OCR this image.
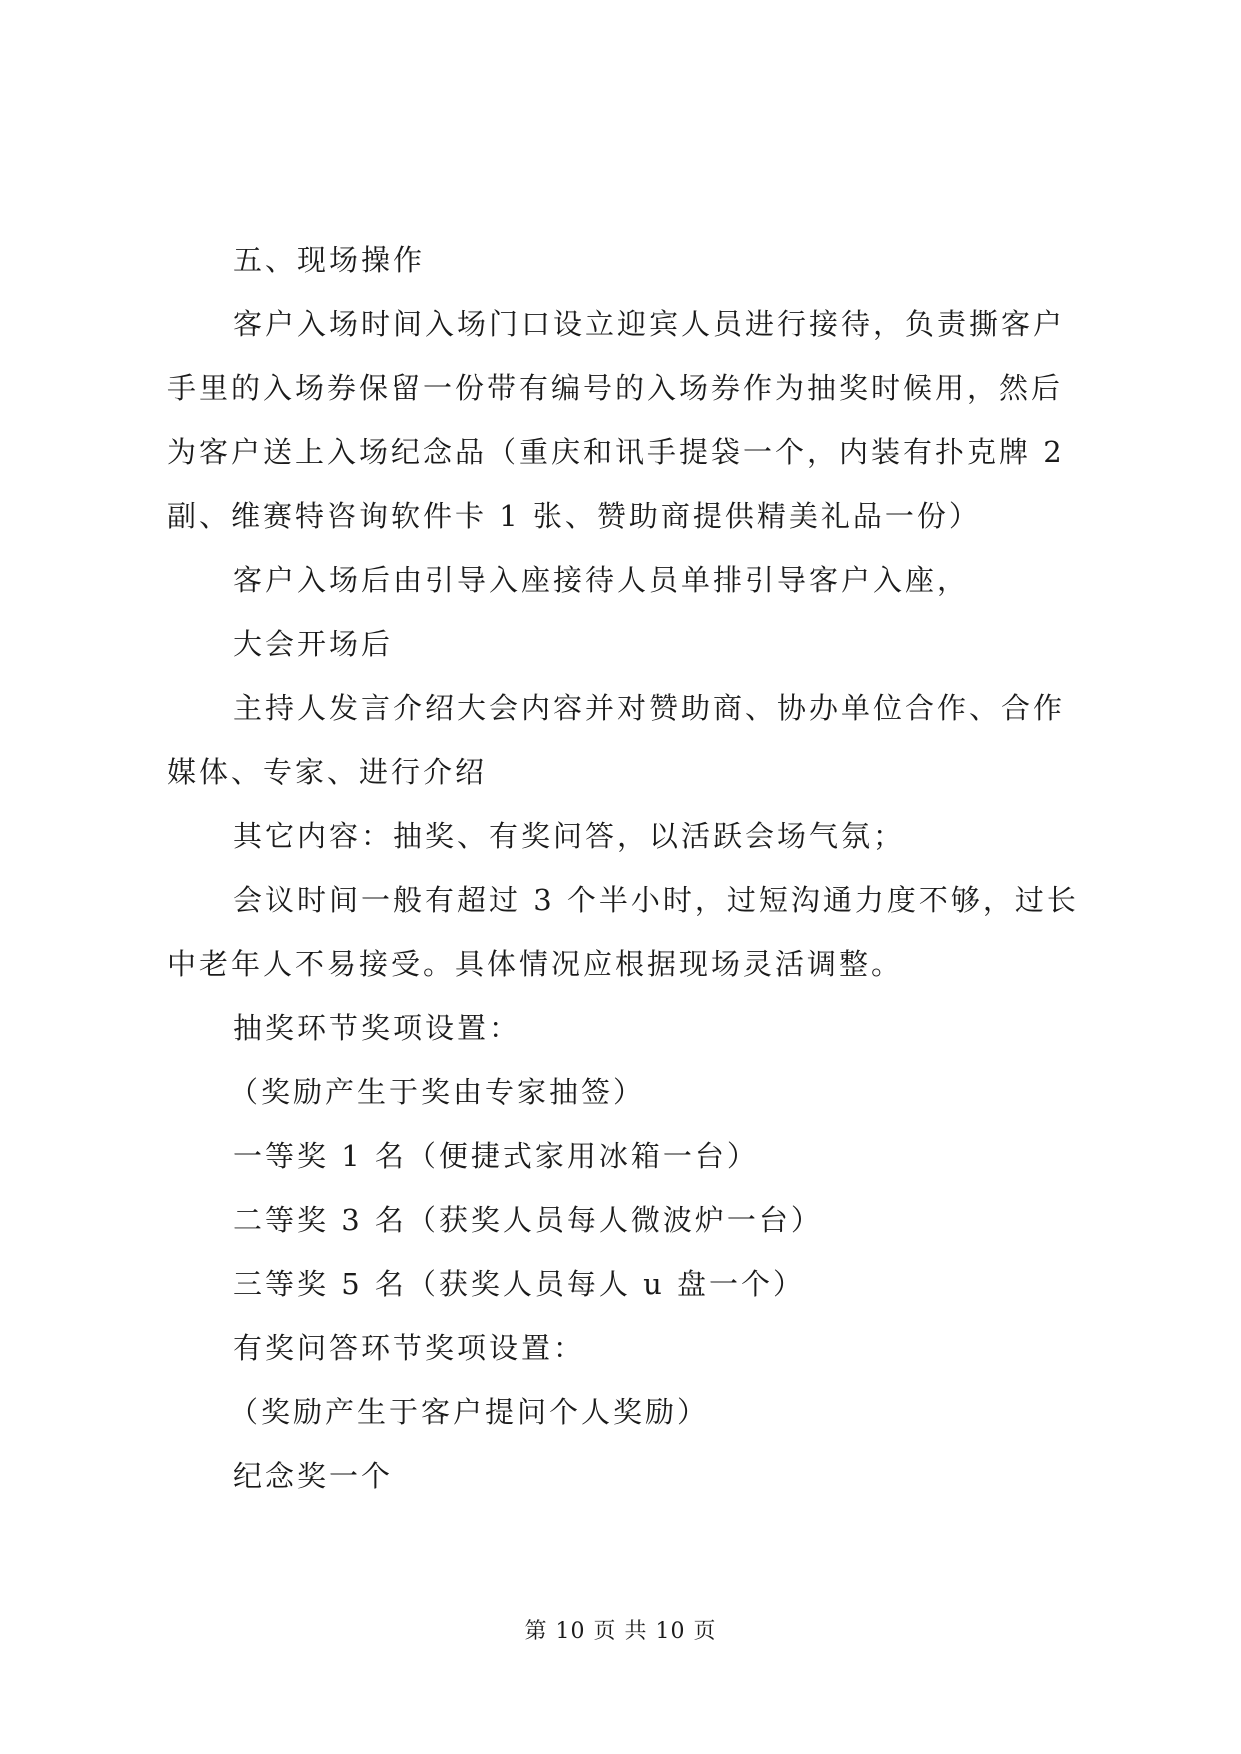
五、现场操作
客户入场时间入场门口设立迎宾人员进行接待，负责撕客户
手里的入场券保留一份带有编号的入场券作为抽奖时候用，然后
为客户送上入场纪念品（重庆和讯手提袋一个，内装有扑克牌 2
副、维赛特咨询软件卡 1 张、赞助商提供精美礼品一份）
客户入场后由引导入座接待人员单排引导客户入座，
大会开场后
主持人发言介绍大会内容并对赞助商、协办单位合作、合作
媒体、专家、进行介绍
其它内容：抽奖、有奖问答，以活跃会场气氛；
会议时间一般有超过 3 个半小时，过短沟通力度不够，过长
中老年人不易接受。具体情况应根据现场灵活调整。
抽奖环节奖项设置：
（奖励产生于奖由专家抽签）
一等奖 1 名（便捷式家用冰箱一台）
二等奖 3 名（获奖人员每人微波炉一台）
三等奖 5 名（获奖人员每人 u 盘一个）
有奖问答环节奖项设置：
（奖励产生于客户提问个人奖励）
纪念奖一个
第 10 页 共 10 页
